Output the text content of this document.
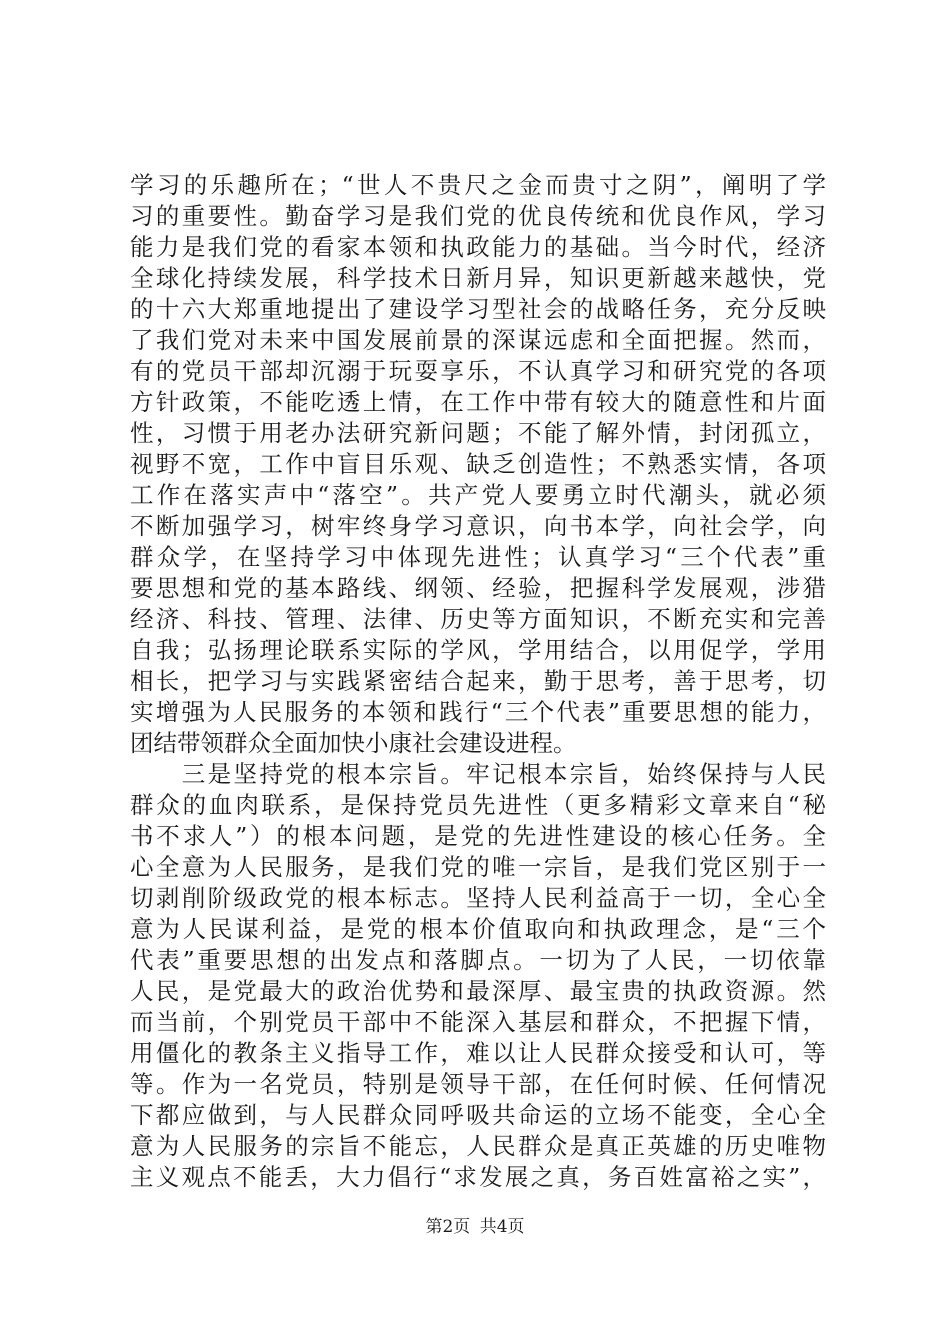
学习的乐趣所在；“世人不贵尺之金而贵寸之阴”，阐明了学
习的重要性。勤奋学习是我们党的优良传统和优良作风，学习
能力是我们党的看家本领和执政能力的基础。当今时代，经济
全球化持续发展，科学技术日新月异，知识更新越来越快，党
的十六大郑重地提出了建设学习型社会的战略任务，充分反映
了我们党对未来中国发展前景的深谋远虑和全面把握。然而，
有的党员干部却沉溺于玩耍享乐，不认真学习和研究党的各项
方针政策，不能吃透上情，在工作中带有较大的随意性和片面
性，习惯于用老办法研究新问题；不能了解外情，封闭孤立，
视野不宽，工作中盲目乐观、缺乏创造性；不熟悉实情，各项
工作在落实声中“落空”。共产党人要勇立时代潮头，就必须
不断加强学习，树牢终身学习意识，向书本学，向社会学，向
群众学，在坚持学习中体现先进性；认真学习“三个代表”重
要思想和党的基本路线、纲领、经验，把握科学发展观，涉猎
经济、科技、管理、法律、历史等方面知识，不断充实和完善
自我；弘扬理论联系实际的学风，学用结合，以用促学，学用
相长，把学习与实践紧密结合起来，勤于思考，善于思考，切
实增强为人民服务的本领和践行“三个代表”重要思想的能力，
团结带领群众全面加快小康社会建设进程。
　　三是坚持党的根本宗旨。牢记根本宗旨，始终保持与人民
群众的血肉联系，是保持党员先进性（更多精彩文章来自“秘
书不求人”）的根本问题，是党的先进性建设的核心任务。全
心全意为人民服务，是我们党的唯一宗旨，是我们党区别于一
切剥削阶级政党的根本标志。坚持人民利益高于一切，全心全
意为人民谋利益，是党的根本价值取向和执政理念，是“三个
代表”重要思想的出发点和落脚点。一切为了人民，一切依靠
人民，是党最大的政治优势和最深厚、最宝贵的执政资源。然
而当前，个别党员干部中不能深入基层和群众，不把握下情，
用僵化的教条主义指导工作，难以让人民群众接受和认可，等
等。作为一名党员，特别是领导干部，在任何时候、任何情况
下都应做到，与人民群众同呼吸共命运的立场不能变，全心全
意为人民服务的宗旨不能忘，人民群众是真正英雄的历史唯物
主义观点不能丢，大力倡行“求发展之真，务百姓富裕之实”，
第2页 共4页
